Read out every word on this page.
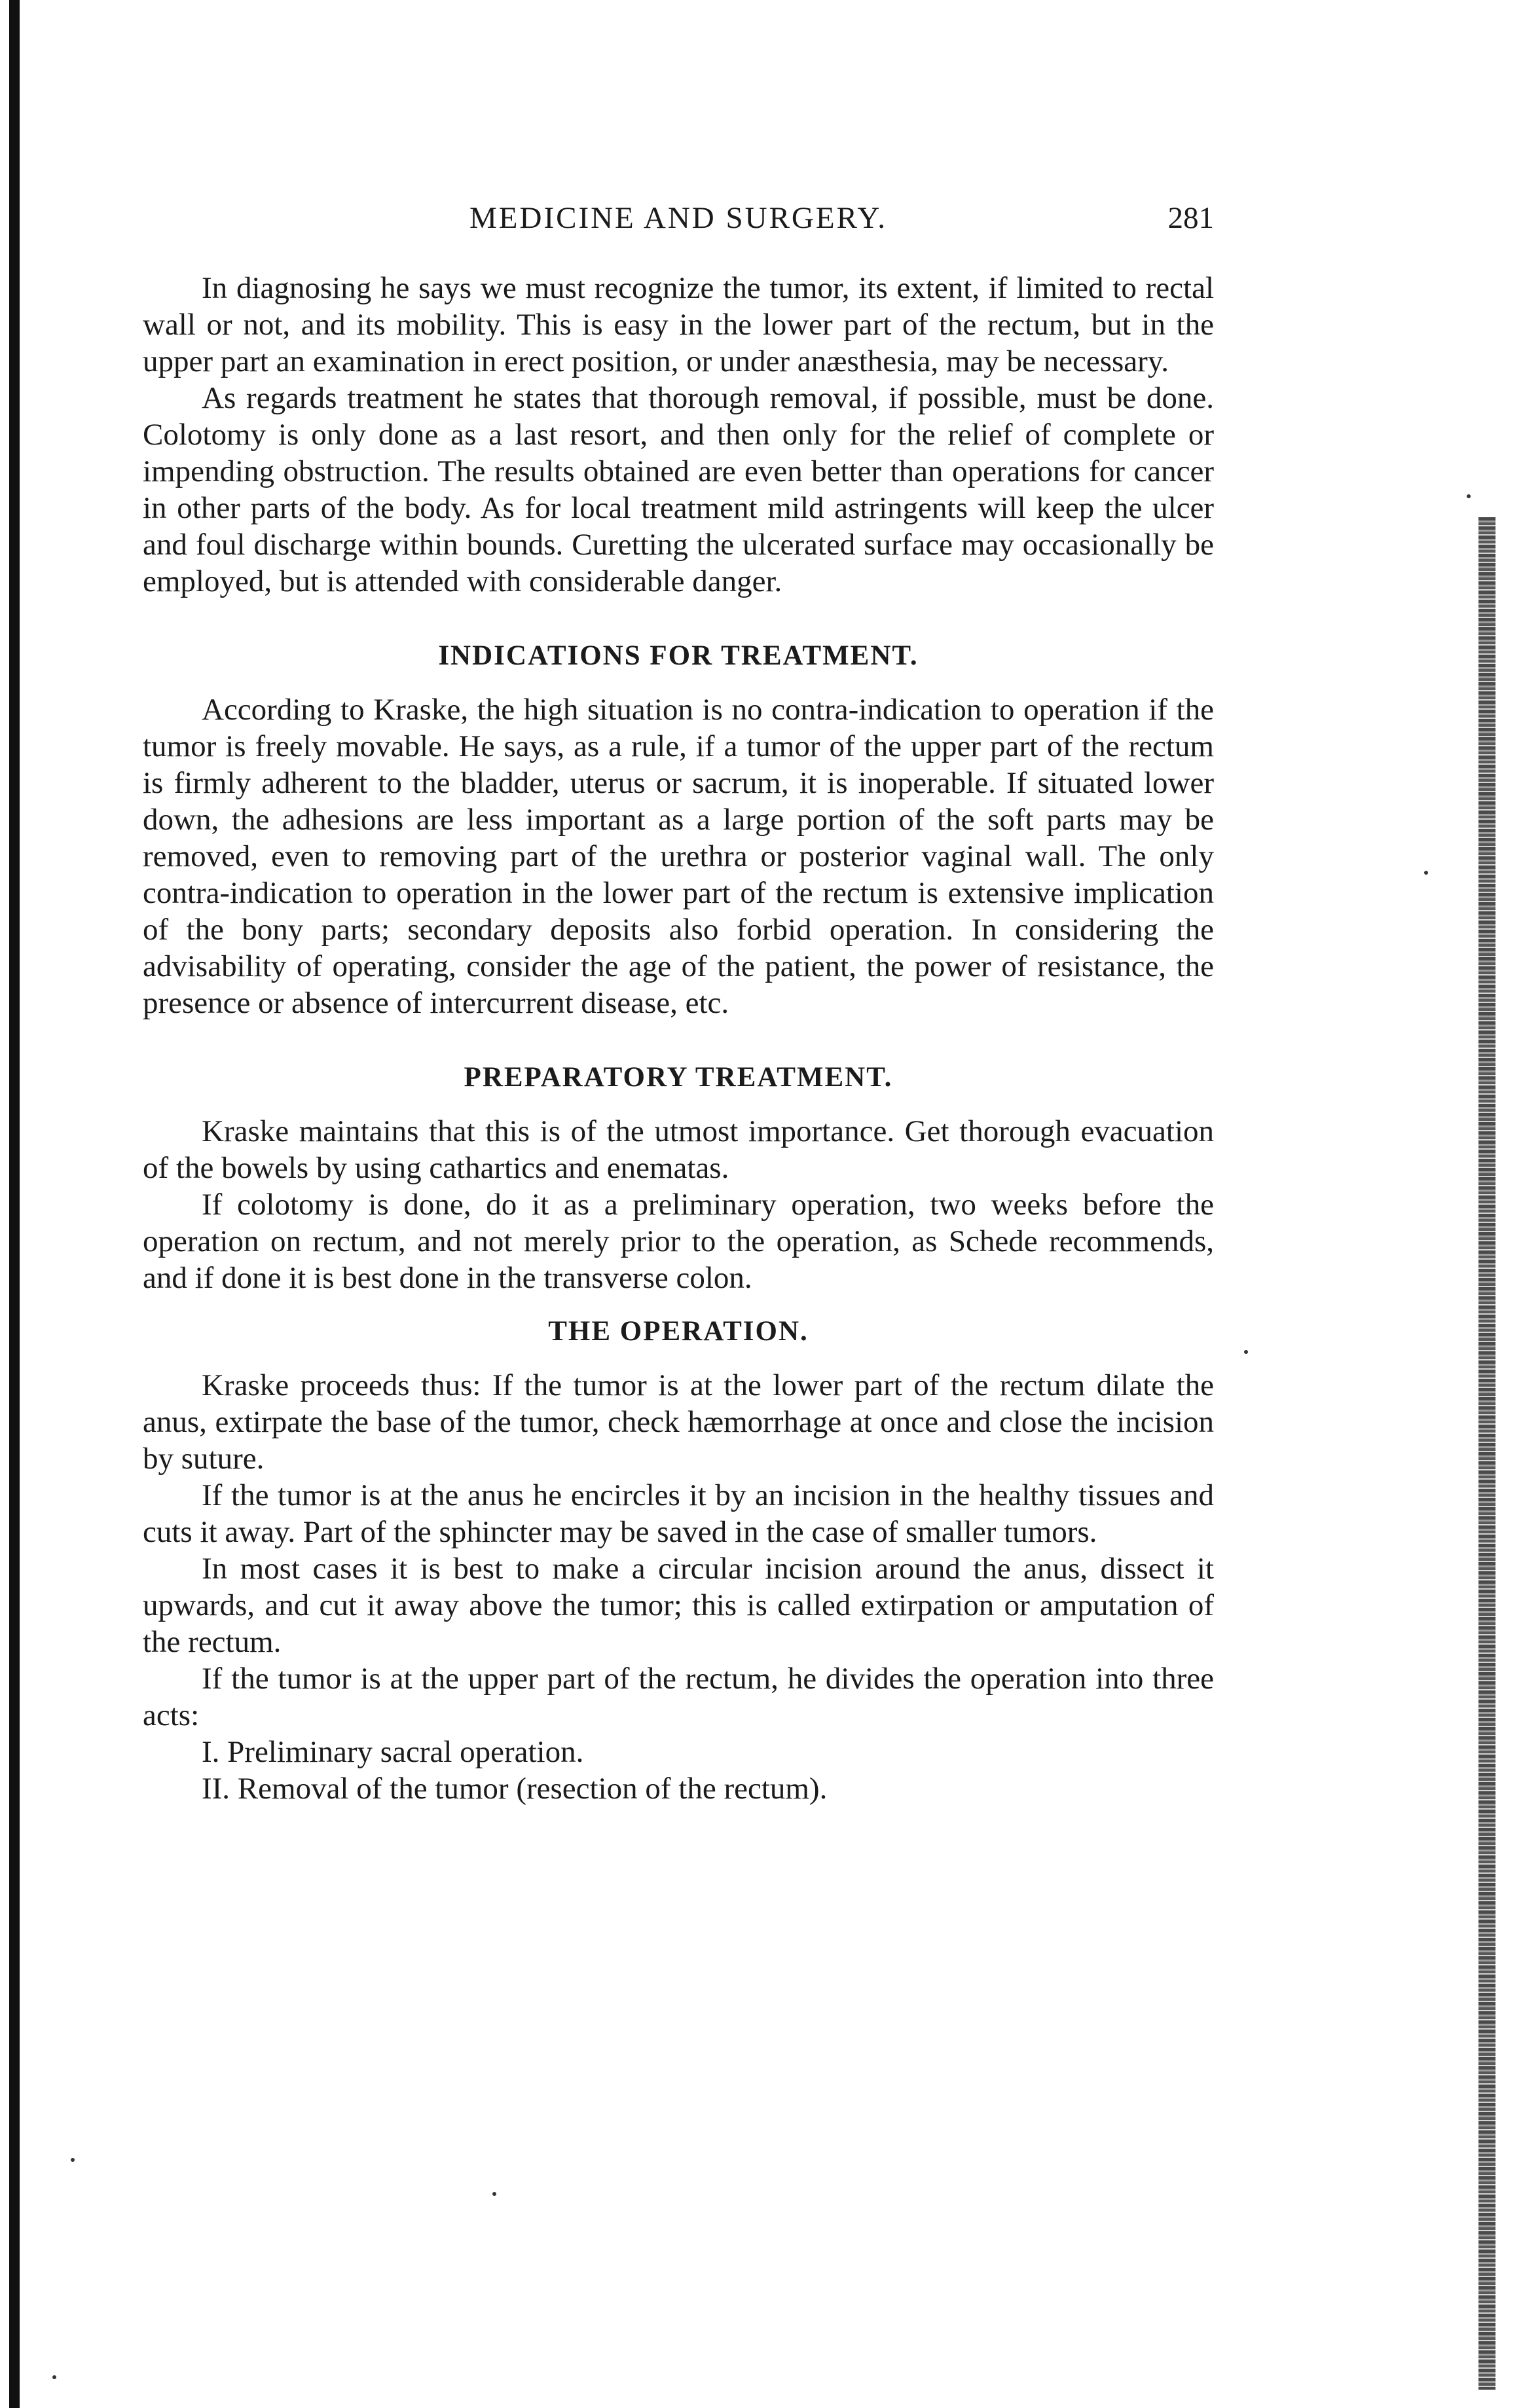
MEDICINE AND SURGERY.	281

In diagnosing he says we must recognize the tumor, its extent, if limited to rectal wall or not, and its mobility. This is easy in the lower part of the rectum, but in the upper part an examination in erect position, or under anæsthesia, may be necessary.

As regards treatment he states that thorough removal, if possible, must be done. Colotomy is only done as a last resort, and then only for the relief of complete or impending obstruction. The results obtained are even better than operations for cancer in other parts of the body. As for local treatment mild astringents will keep the ulcer and foul discharge within bounds. Curetting the ulcerated surface may occasionally be employed, but is attended with considerable danger.

INDICATIONS FOR TREATMENT.

According to Kraske, the high situation is no contra-indication to operation if the tumor is freely movable. He says, as a rule, if a tumor of the upper part of the rectum is firmly adherent to the bladder, uterus or sacrum, it is inoperable. If situated lower down, the adhesions are less important as a large portion of the soft parts may be removed, even to removing part of the urethra or posterior vaginal wall. The only contra-indication to operation in the lower part of the rectum is extensive implication of the bony parts; secondary deposits also forbid operation. In considering the advisability of operating, consider the age of the patient, the power of resistance, the presence or absence of intercurrent disease, etc.

PREPARATORY TREATMENT.

Kraske maintains that this is of the utmost importance. Get thorough evacuation of the bowels by using cathartics and enematas.

If colotomy is done, do it as a preliminary operation, two weeks before the operation on rectum, and not merely prior to the operation, as Schede recommends, and if done it is best done in the transverse colon.

THE OPERATION.

Kraske proceeds thus: If the tumor is at the lower part of the rectum dilate the anus, extirpate the base of the tumor, check hæmorrhage at once and close the incision by suture.

If the tumor is at the anus he encircles it by an incision in the healthy tissues and cuts it away. Part of the sphincter may be saved in the case of smaller tumors.

In most cases it is best to make a circular incision around the anus, dissect it upwards, and cut it away above the tumor; this is called extirpation or amputation of the rectum.

If the tumor is at the upper part of the rectum, he divides the operation into three acts:

I. Preliminary sacral operation.

II. Removal of the tumor (resection of the rectum).
